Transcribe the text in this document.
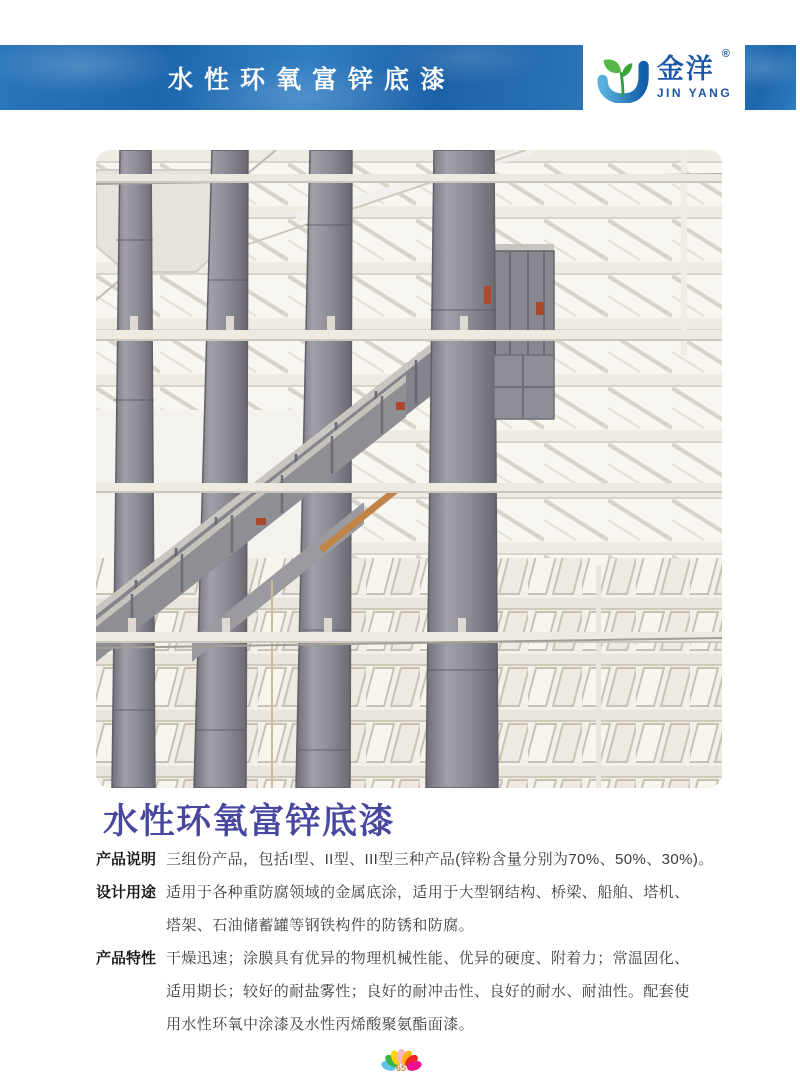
水性环氧富锌底漆	金洋 ®
JIN YANG
水性环氧富锌底漆
产品说明 三组份产品，包括I型、II型、III型三种产品(锌粉含量分别为70%、50%、30%)。
设计用途 适用于各种重防腐领域的金属底涂，适用于大型钢结构、桥梁、船舶、塔机、
塔架、石油储蓄罐等钢铁构件的防锈和防腐。
产品特性 干燥迅速；涂膜具有优异的物理机械性能、优异的硬度、附着力；常温固化、
适用期长；较好的耐盐雾性；良好的耐冲击性、良好的耐水、耐油性。配套使
用水性环氧中涂漆及水性丙烯酸聚氨酯面漆。
65
